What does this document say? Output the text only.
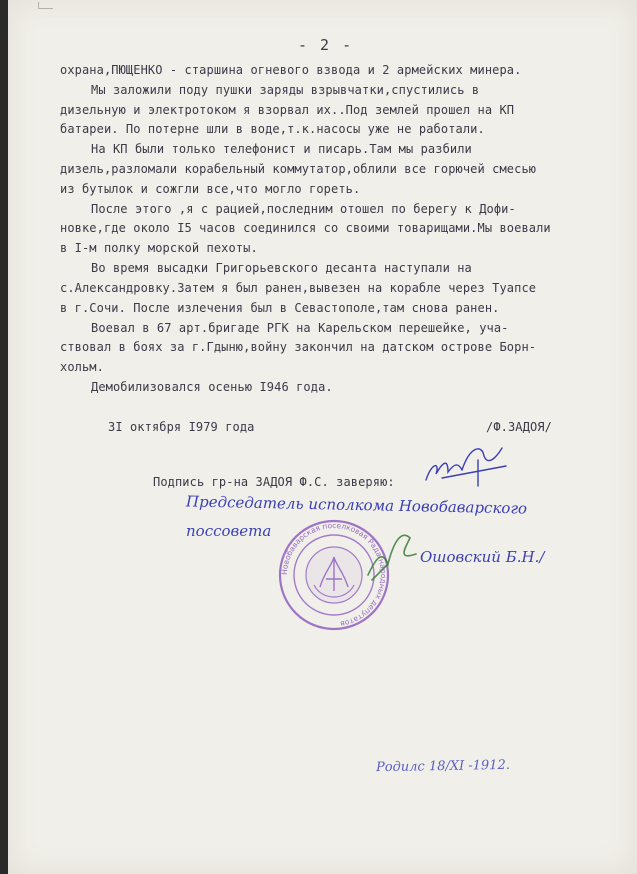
- 2 -
охрана,ПЮЩЕНКО - старшина огневого взвода и 2 армейских минера.
Мы заложили поду пушки заряды взрывчатки,спустились в
дизельную и электротоком я взорвал их..Под землей прошел на КП
батареи. По потерне шли в воде,т.к.насосы уже не работали.
На КП были только телефонист и писарь.Там мы разбили
дизель,разломали корабельный коммутатор,облили все горючей смесью
из бутылок и сожгли все,что могло гореть.
После этого ,я с рацией,последним отошел по берегу к Дофи-
новке,где около I5 часов соединился со своими товарищами.Мы воевали
в I-м полку морской пехоты.
Во время высадки Григорьевского десанта наступали на
с.Александровку.Затем я был ранен,вывезен на корабле через Туапсе
в г.Сочи. После излечения был в Севастополе,там снова ранен.
Воевал в 67 арт.бригаде РГК на Карельском перешейке, уча-
ствовал в боях за г.Гдыню,войну закончил на датском острове Борн-
хольм.
Демобилизовался осенью I946 года.
3I октября I979 года	/Ф.ЗАДОЯ/
Подпись гр-на ЗАДОЯ Ф.С. заверяю:
Председатель исполкома Новобаварского
поссовета
Новобаварская поселковая Рада народных депутатов
Ошовский Б.Н./
Родилс 18/XI -1912.
